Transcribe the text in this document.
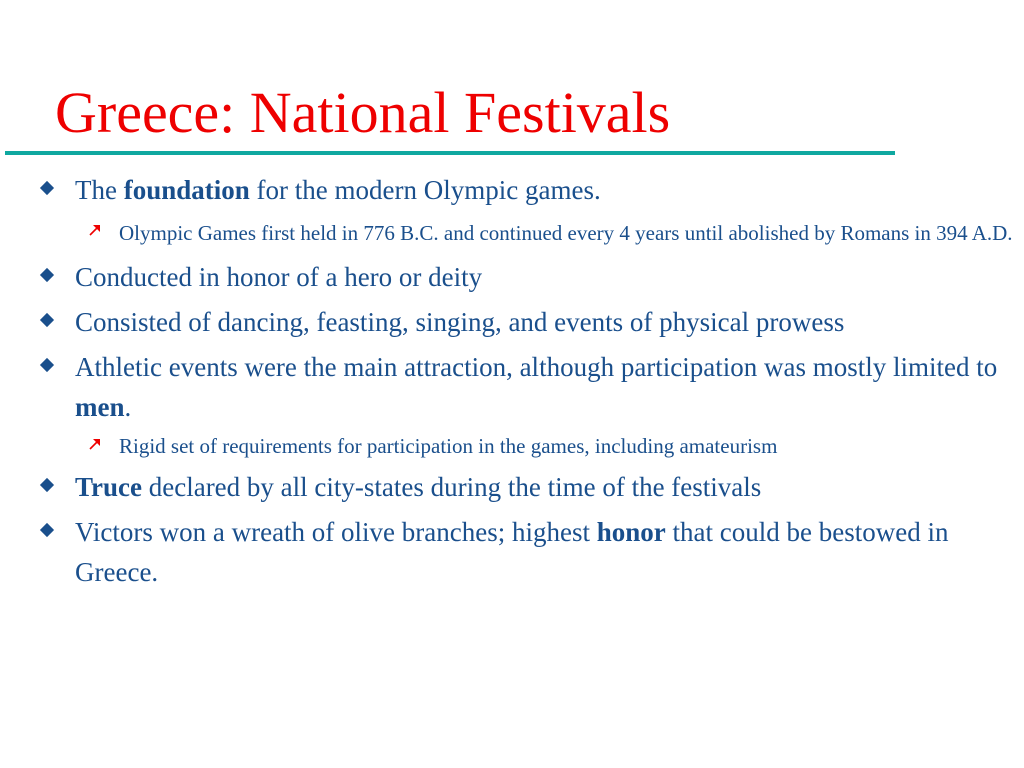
Greece: National Festivals
The foundation for the modern Olympic games.
Olympic Games first held in 776 B.C. and continued every 4 years until abolished by Romans in 394 A.D.
Conducted in honor of a hero or deity
Consisted of dancing, feasting, singing, and events of physical prowess
Athletic events were the main attraction, although participation was mostly limited to men.
Rigid set of requirements for participation in the games, including amateurism
Truce declared by all city-states during the time of the festivals
Victors won a wreath of olive branches; highest honor that could be bestowed in Greece.
